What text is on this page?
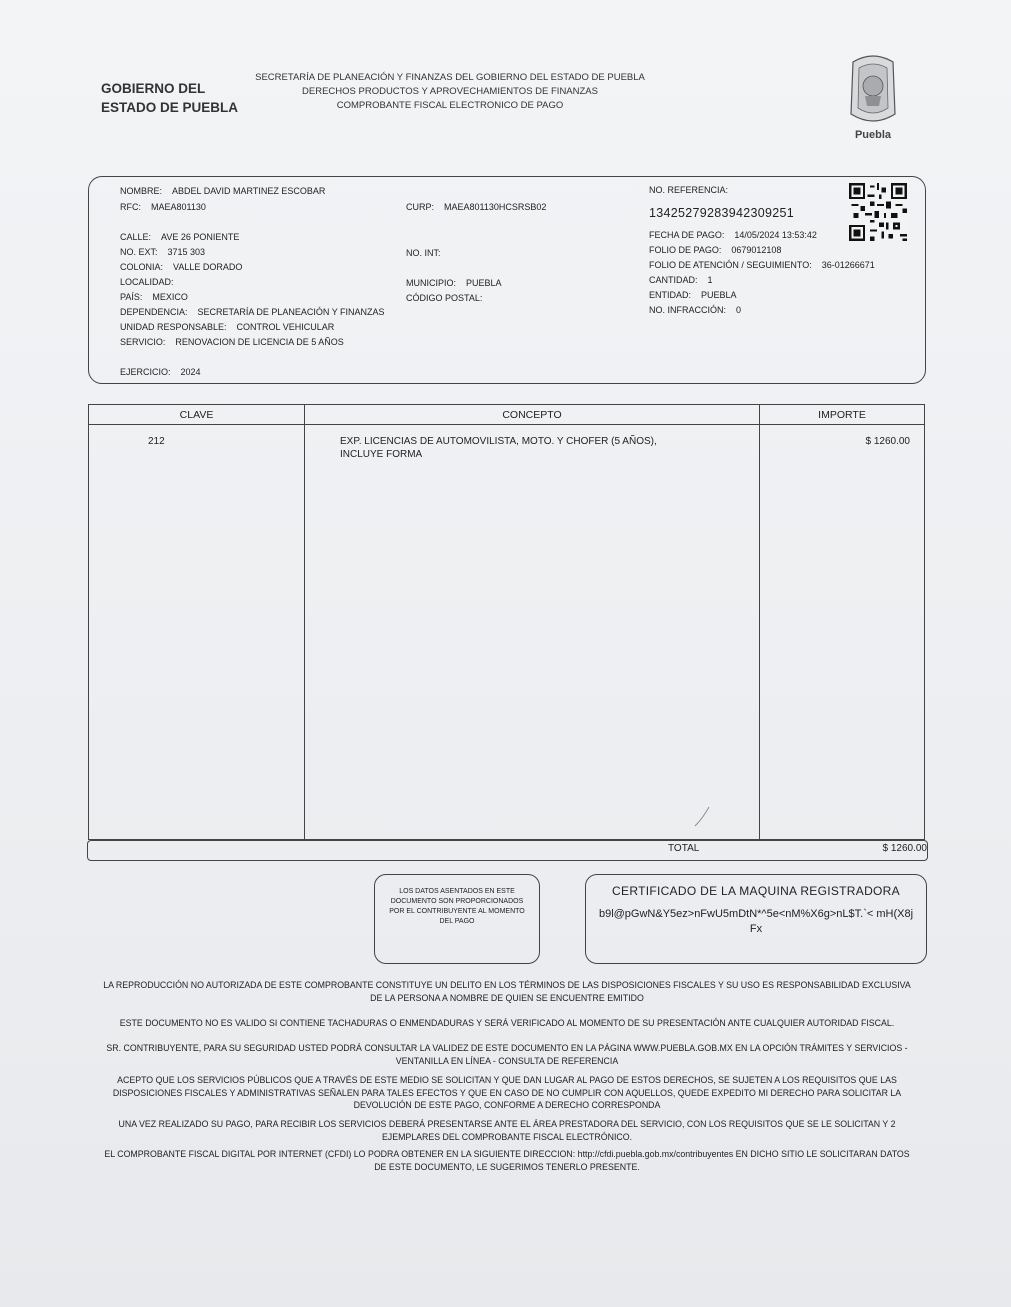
GOBIERNO DEL
ESTADO DE PUEBLA
SECRETARÍA DE PLANEACIÓN Y FINANZAS DEL GOBIERNO DEL ESTADO DE PUEBLA
DERECHOS PRODUCTOS Y APROVECHAMIENTOS DE FINANZAS
COMPROBANTE FISCAL ELECTRONICO DE PAGO
Puebla
NOMBRE: ABDEL DAVID MARTINEZ ESCOBAR
RFC: MAEA801130	CURP: MAEA801130HCSRSB02
CALLE: AVE 26 PONIENTE
NO. EXT: 3715 303	NO. INT:
COLONIA: VALLE DORADO
LOCALIDAD:	MUNICIPIO: PUEBLA
PAÍS: MEXICO	CÓDIGO POSTAL:
DEPENDENCIA: SECRETARÍA DE PLANEACIÓN Y FINANZAS
UNIDAD RESPONSABLE: CONTROL VEHICULAR
SERVICIO: RENOVACION DE LICENCIA DE 5 AÑOS
EJERCICIO: 2024
NO. REFERENCIA:
13425279283942309251
FECHA DE PAGO: 14/05/2024 13:53:42
FOLIO DE PAGO: 0679012108
FOLIO DE ATENCIÓN / SEGUIMIENTO: 36-01266671
CANTIDAD: 1
ENTIDAD: PUEBLA
NO. INFRACCIÓN: 0
CLAVE	CONCEPTO	IMPORTE

212	EXP. LICENCIAS DE AUTOMOVILISTA, MOTO. Y CHOFER (5 AÑOS),
INCLUYE FORMA	$ 1260.00
TOTAL	$ 1260.00
LOS DATOS ASENTADOS EN ESTE DOCUMENTO SON PROPORCIONADOS POR EL CONTRIBUYENTE AL MOMENTO DEL PAGO
CERTIFICADO DE LA MAQUINA REGISTRADORA
b9l@pGwN&Y5ez>nFwU5mDtN*^5e<nM%X6g>nL$T.`< mH(X8jFx
LA REPRODUCCIÓN NO AUTORIZADA DE ESTE COMPROBANTE CONSTITUYE UN DELITO EN LOS TÉRMINOS DE LAS DISPOSICIONES FISCALES Y SU USO ES RESPONSABILIDAD EXCLUSIVA
DE LA PERSONA A NOMBRE DE QUIEN SE ENCUENTRE EMITIDO
ESTE DOCUMENTO NO ES VALIDO SI CONTIENE TACHADURAS O ENMENDADURAS Y SERÁ VERIFICADO AL MOMENTO DE SU PRESENTACIÓN ANTE CUALQUIER AUTORIDAD FISCAL.
SR. CONTRIBUYENTE, PARA SU SEGURIDAD USTED PODRÁ CONSULTAR LA VALIDEZ DE ESTE DOCUMENTO EN LA PÁGINA WWW.PUEBLA.GOB.MX EN LA OPCIÓN TRÁMITES Y SERVICIOS -
VENTANILLA EN LÍNEA - CONSULTA DE REFERENCIA
ACEPTO QUE LOS SERVICIOS PÚBLICOS QUE A TRAVÉS DE ESTE MEDIO SE SOLICITAN Y QUE DAN LUGAR AL PAGO DE ESTOS DERECHOS, SE SUJETEN A LOS REQUISITOS QUE LAS
DISPOSICIONES FISCALES Y ADMINISTRATIVAS SEÑALEN PARA TALES EFECTOS Y QUE EN CASO DE NO CUMPLIR CON AQUELLOS, QUEDE EXPEDITO MI DERECHO PARA SOLICITAR LA
DEVOLUCIÓN DE ESTE PAGO, CONFORME A DERECHO CORRESPONDA
UNA VEZ REALIZADO SU PAGO, PARA RECIBIR LOS SERVICIOS DEBERÁ PRESENTARSE ANTE EL ÁREA PRESTADORA DEL SERVICIO, CON LOS REQUISITOS QUE SE LE SOLICITAN Y 2
EJEMPLARES DEL COMPROBANTE FISCAL ELECTRÓNICO.
EL COMPROBANTE FISCAL DIGITAL POR INTERNET (CFDI) LO PODRA OBTENER EN LA SIGUIENTE DIRECCION: http://cfdi.puebla.gob.mx/contribuyentes EN DICHO SITIO LE SOLICITARAN DATOS
DE ESTE DOCUMENTO, LE SUGERIMOS TENERLO PRESENTE.
